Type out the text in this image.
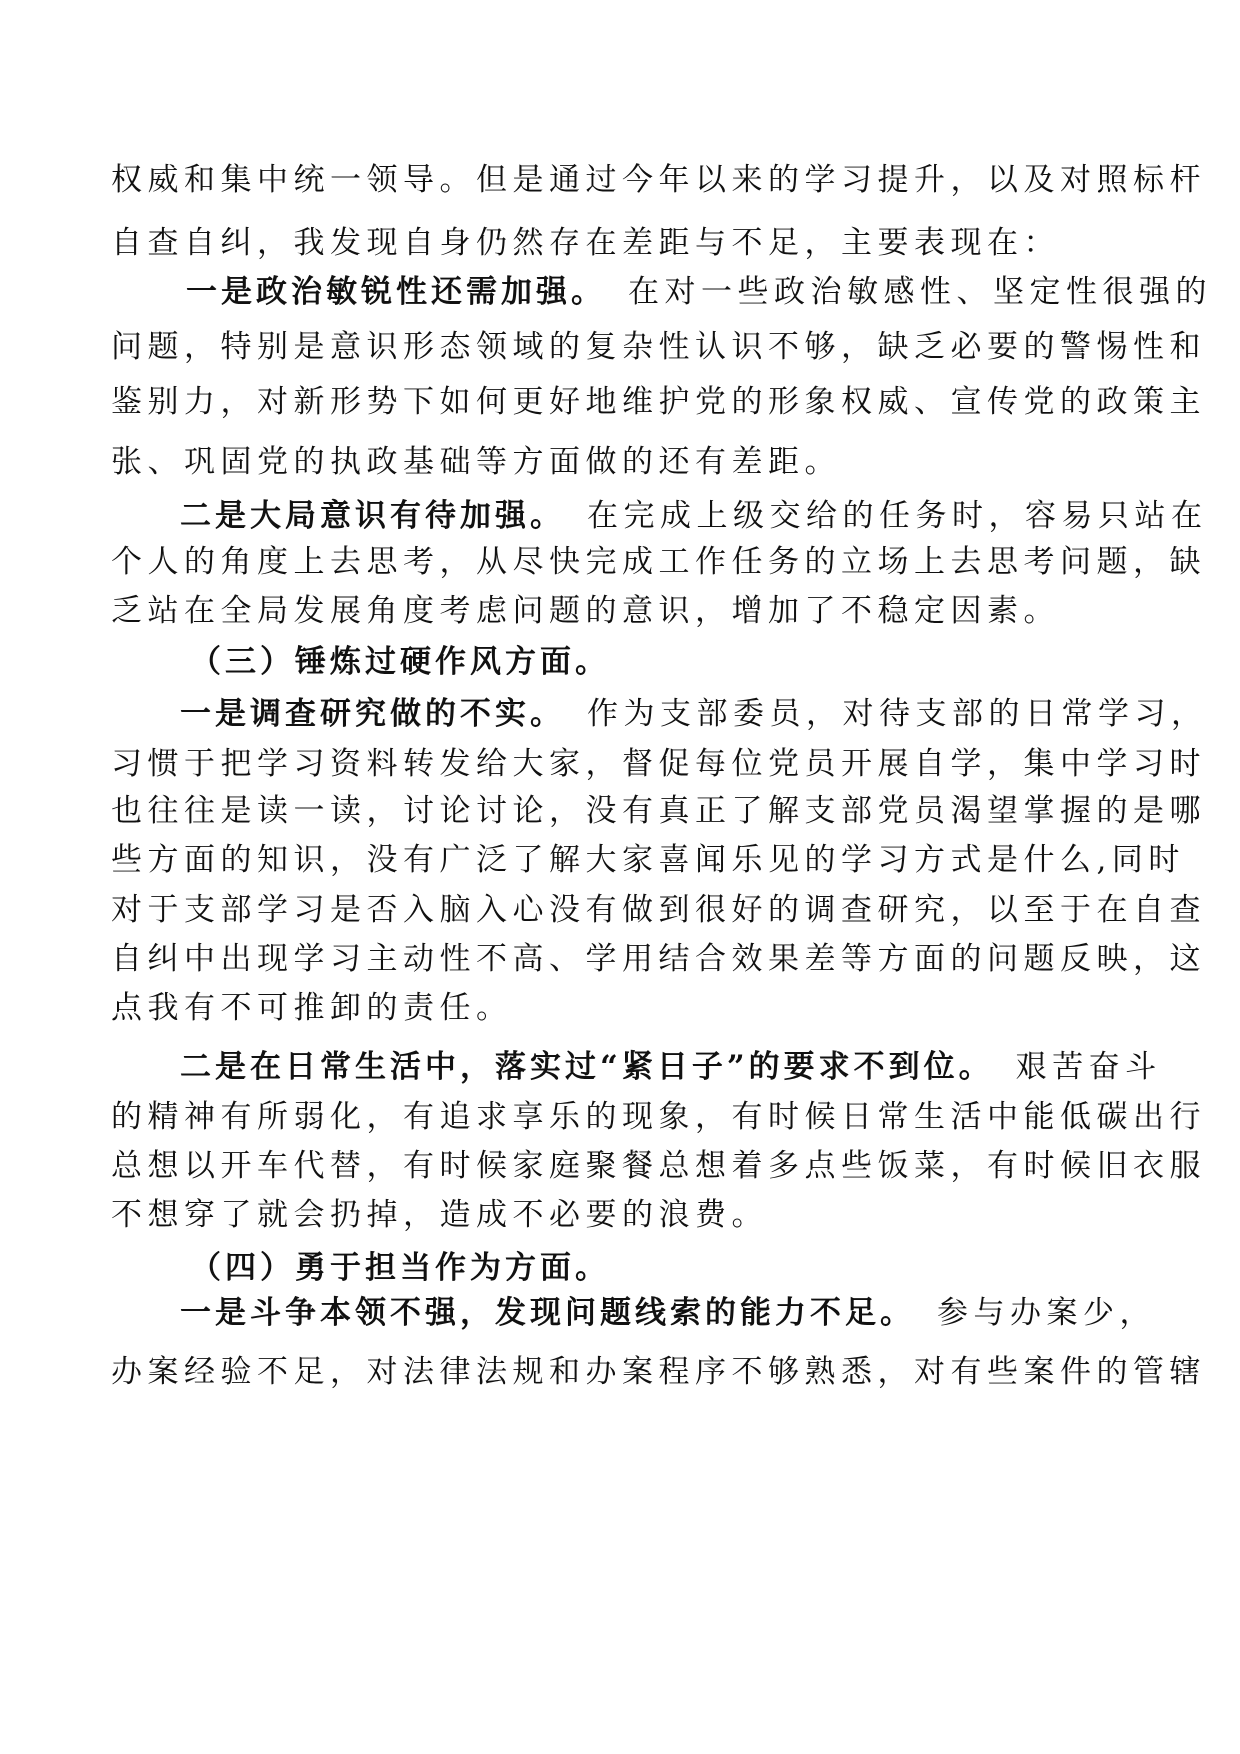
权威和集中统一领导。但是通过今年以来的学习提升，以及对照标杆

自查自纠，我发现自身仍然存在差距与不足，主要表现在：

一是政治敏锐性还需加强。 在对一些政治敏感性、坚定性很强的

问题，特别是意识形态领域的复杂性认识不够，缺乏必要的警惕性和

鉴别力，对新形势下如何更好地维护党的形象权威、宣传党的政策主

张、巩固党的执政基础等方面做的还有差距。

二是大局意识有待加强。 在完成上级交给的任务时，容易只站在

个人的角度上去思考，从尽快完成工作任务的立场上去思考问题，缺

乏站在全局发展角度考虑问题的意识，增加了不稳定因素。

（三）锤炼过硬作风方面。

一是调查研究做的不实。 作为支部委员，对待支部的日常学习，

习惯于把学习资料转发给大家，督促每位党员开展自学，集中学习时

也往往是读一读，讨论讨论，没有真正了解支部党员渴望掌握的是哪

些方面的知识，没有广泛了解大家喜闻乐见的学习方式是什么,同时

对于支部学习是否入脑入心没有做到很好的调查研究，以至于在自查

自纠中出现学习主动性不高、学用结合效果差等方面的问题反映，这

点我有不可推卸的责任。

二是在日常生活中，落实过“紧日子”的要求不到位。 艰苦奋斗

的精神有所弱化，有追求享乐的现象，有时候日常生活中能低碳出行

总想以开车代替，有时候家庭聚餐总想着多点些饭菜，有时候旧衣服

不想穿了就会扔掉，造成不必要的浪费。

（四）勇于担当作为方面。

一是斗争本领不强，发现问题线索的能力不足。 参与办案少，

办案经验不足，对法律法规和办案程序不够熟悉，对有些案件的管辖
